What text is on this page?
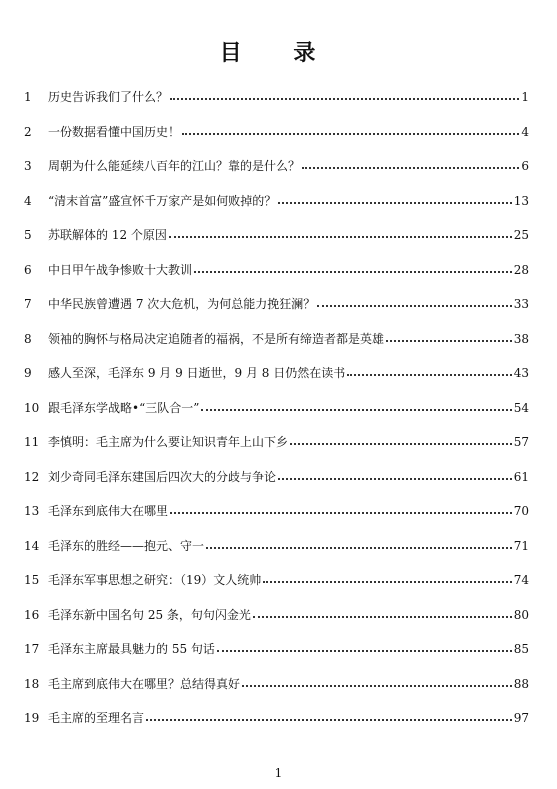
目 录
1	历史告诉我们了什么？	1
2	一份数据看懂中国历史！	4
3	周朝为什么能延续八百年的江山？靠的是什么？	6
4	“清末首富”盛宣怀千万家产是如何败掉的？	13
5	苏联解体的 12 个原因	25
6	中日甲午战争惨败十大教训	28
7	中华民族曾遭遇 7 次大危机，为何总能力挽狂澜？	33
8	领袖的胸怀与格局决定追随者的福祸，不是所有缔造者都是英雄	38
9	感人至深，毛泽东 9 月 9 日逝世，9 月 8 日仍然在读书	43
10 跟毛泽东学战略•“三队合一”	54
11 李慎明：毛主席为什么要让知识青年上山下乡	57
12 刘少奇同毛泽东建国后四次大的分歧与争论	61
13 毛泽东到底伟大在哪里	70
14 毛泽东的胜经——抱元、守一	71
15 毛泽东军事思想之研究：（19）文人统帅	74
16 毛泽东新中国名句 25 条，句句闪金光	80
17 毛泽东主席最具魅力的 55 句话	85
18 毛主席到底伟大在哪里？总结得真好	88
19 毛主席的至理名言	97
1
